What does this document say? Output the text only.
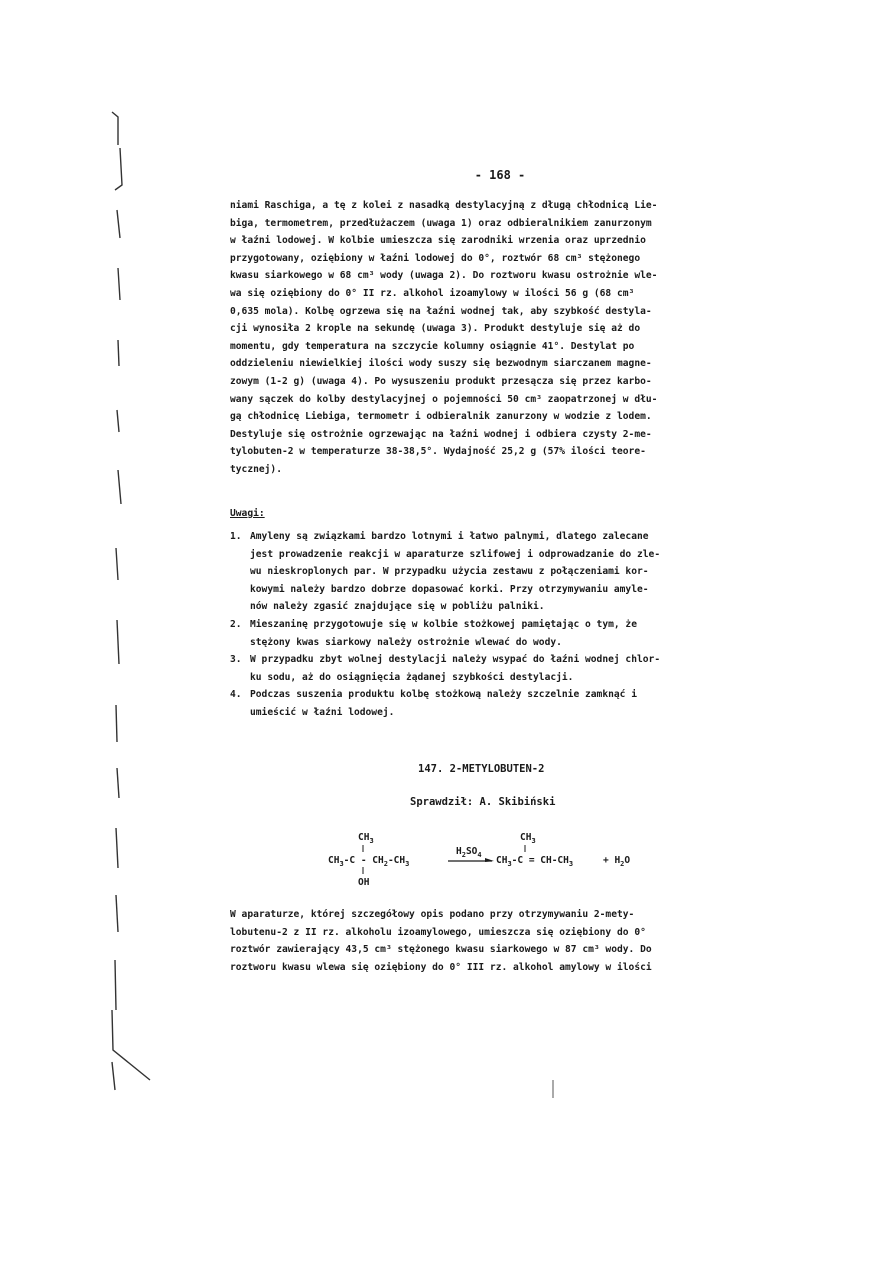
- 168 -
niami Raschiga, a tę z kolei z nasadką destylacyjną z długą chłodnicą Lie-
biga, termometrem, przedłużaczem (uwaga 1) oraz odbieralnikiem zanurzonym
w łaźni lodowej. W kolbie umieszcza się zarodniki wrzenia oraz uprzednio
przygotowany, oziębiony w łaźni lodowej do 0°, roztwór 68 cm³ stężonego
kwasu siarkowego w 68 cm³ wody (uwaga 2). Do roztworu kwasu ostrożnie wle-
wa się oziębiony do 0° II rz. alkohol izoamylowy w ilości 56 g (68 cm³
0,635 mola). Kolbę ogrzewa się na łaźni wodnej tak, aby szybkość destyla-
cji wynosiła 2 krople na sekundę (uwaga 3). Produkt destyluje się aż do
momentu, gdy temperatura na szczycie kolumny osiągnie 41°. Destylat po
oddzieleniu niewielkiej ilości wody suszy się bezwodnym siarczanem magne-
zowym (1-2 g) (uwaga 4). Po wysuszeniu produkt przesącza się przez karbo-
wany sączek do kolby destylacyjnej o pojemności 50 cm³ zaopatrzonej w dłu-
gą chłodnicę Liebiga, termometr i odbieralnik zanurzony w wodzie z lodem.
Destyluje się ostrożnie ogrzewając na łaźni wodnej i odbiera czysty 2-me-
tylobuten-2 w temperaturze 38-38,5°. Wydajność 25,2 g (57% ilości teore-
tycznej).
Uwagi:
1. Amyleny są związkami bardzo lotnymi i łatwo palnymi, dlatego zalecane
jest prowadzenie reakcji w aparaturze szlifowej i odprowadzanie do zle-
wu nieskroplonych par. W przypadku użycia zestawu z połączeniami kor-
kowymi należy bardzo dobrze dopasować korki. Przy otrzymywaniu amyle-
nów należy zgasić znajdujące się w pobliżu palniki.
2. Mieszaninę przygotowuje się w kolbie stożkowej pamiętając o tym, że
stężony kwas siarkowy należy ostrożnie wlewać do wody.
3. W przypadku zbyt wolnej destylacji należy wsypać do łaźni wodnej chlor-
ku sodu, aż do osiągnięcia żądanej szybkości destylacji.
4. Podczas suszenia produktu kolbę stożkową należy szczelnie zamknąć i
umieścić w łaźni lodowej.
147. 2-METYLOBUTEN-2
Sprawdził: A. Skibiński
$CH_3$
$CH_3-C - CH_2-CH_3$
OH
$H_2SO_4$
$CH_3$
$CH_3-C = CH-CH_3$	+ $H_2O$
W aparaturze, której szczegółowy opis podano przy otrzymywaniu 2-mety-
lobutenu-2 z II rz. alkoholu izoamylowego, umieszcza się oziębiony do 0°
roztwór zawierający 43,5 cm³ stężonego kwasu siarkowego w 87 cm³ wody. Do
roztworu kwasu wlewa się oziębiony do 0° III rz. alkohol amylowy w ilości
